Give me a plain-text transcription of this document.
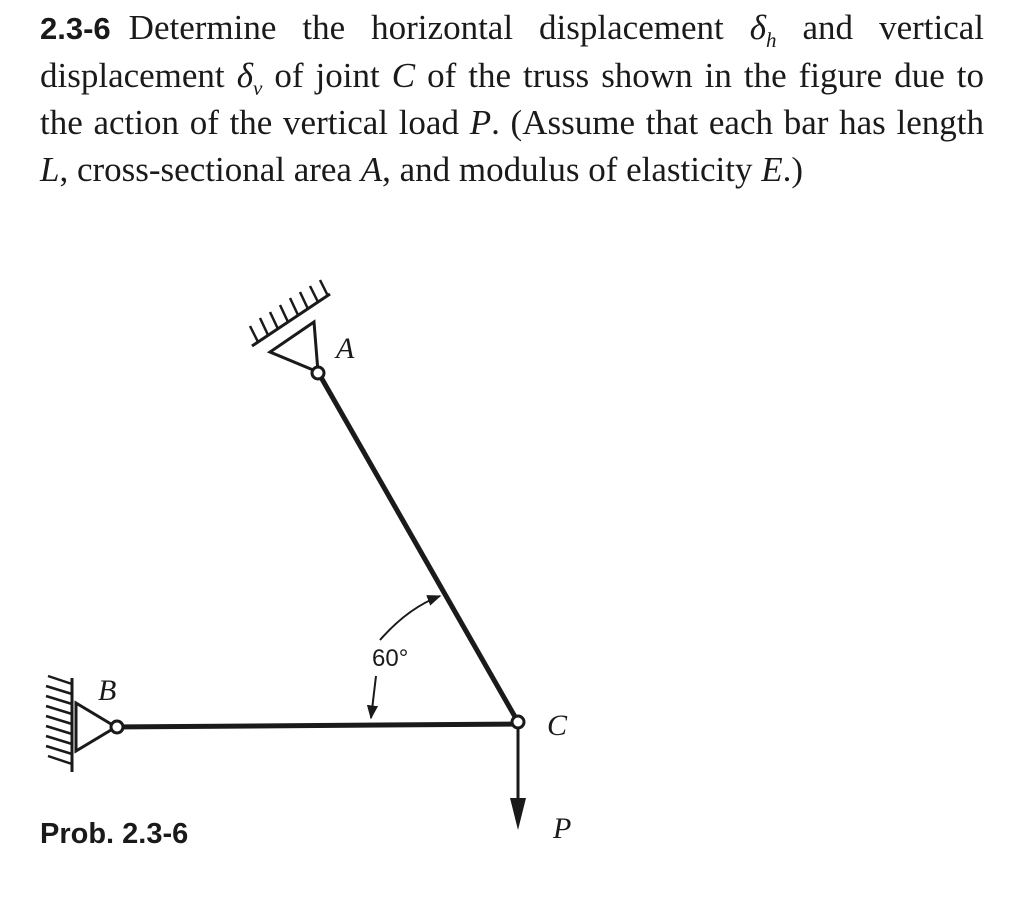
2.3-6 Determine the horizontal displacement $\delta_h$ and vertical displacement $\delta_v$ of joint C of the truss shown in the figure due to the action of the vertical load P. (Assume that each bar has length L, cross-sectional area A, and modulus of elasticity E.)
A
B
C
P
60°
Prob. 2.3-6
